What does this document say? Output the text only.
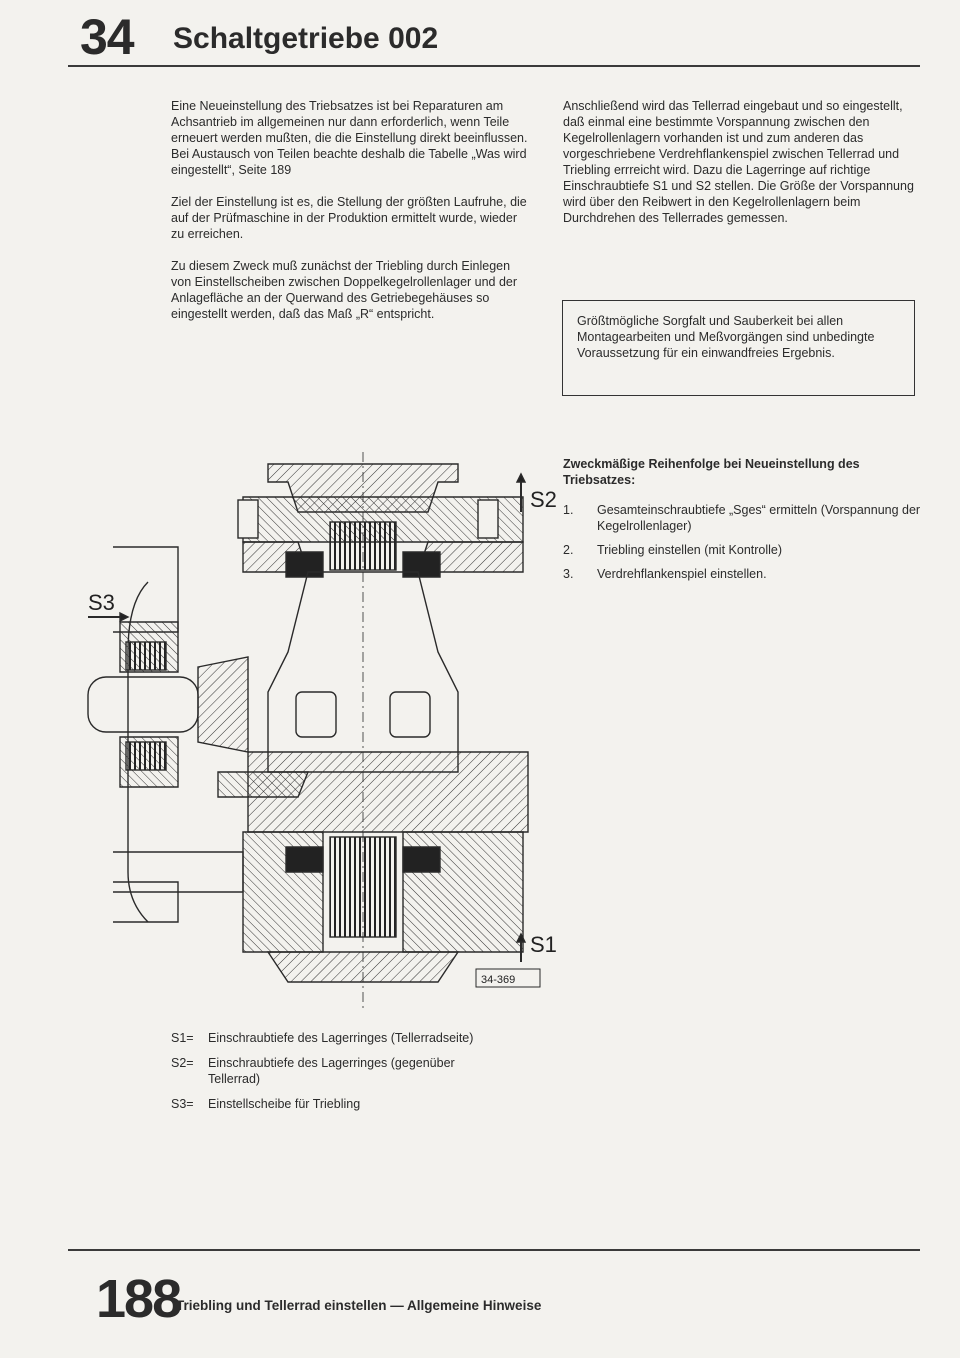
34 Schaltgetriebe 002

Eine Neueinstellung des Triebsatzes ist bei Reparaturen am Achsantrieb im allgemeinen nur dann erforderlich, wenn Teile erneuert werden mußten, die die Einstellung direkt beeinflussen. Bei Austausch von Teilen beachte deshalb die Tabelle „Was wird eingestellt“, Seite 189

Ziel der Einstellung ist es, die Stellung der größten Laufruhe, die auf der Prüfmaschine in der Produktion ermittelt wurde, wieder zu erreichen.

Zu diesem Zweck muß zunächst der Triebling durch Einlegen von Einstellscheiben zwischen Doppelkegelrollenlager und der Anlagefläche an der Querwand des Getriebegehäuses so eingestellt werden, daß das Maß „R“ entspricht.

Anschließend wird das Tellerrad eingebaut und so eingestellt, daß einmal eine bestimmte Vorspannung zwischen den Kegelrollenlagern vorhanden ist und zum anderen das vorgeschriebene Verdrehflankenspiel zwischen Tellerrad und Triebling errreicht wird. Dazu die Lagerringe auf richtige Einschraubtiefe S1 und S2 stellen. Die Größe der Vorspannung wird über den Reibwert in den Kegelrollenlagern beim Durchdrehen des Tellerrades gemessen.

Größtmögliche Sorgfalt und Sauberkeit bei allen Montagearbeiten und Meßvorgängen sind unbedingte Voraussetzung für ein einwandfreies Ergebnis.
Zweckmäßige Reihenfolge bei Neueinstellung des Triebsatzes:
1.	Gesamteinschraubtiefe „Sges“ ermitteln (Vorspannung der Kegelrollenlager)
2.	Triebling einstellen (mit Kontrolle)
3.	Verdrehflankenspiel einstellen.
S2
S1
S3
34-369
S1=	Einschraubtiefe des Lagerringes (Tellerradseite)
S2=	Einschraubtiefe des Lagerringes (gegenüber Tellerrad)
S3=	Einstellscheibe für Triebling
188
Triebling und Tellerrad einstellen — Allgemeine Hinweise
